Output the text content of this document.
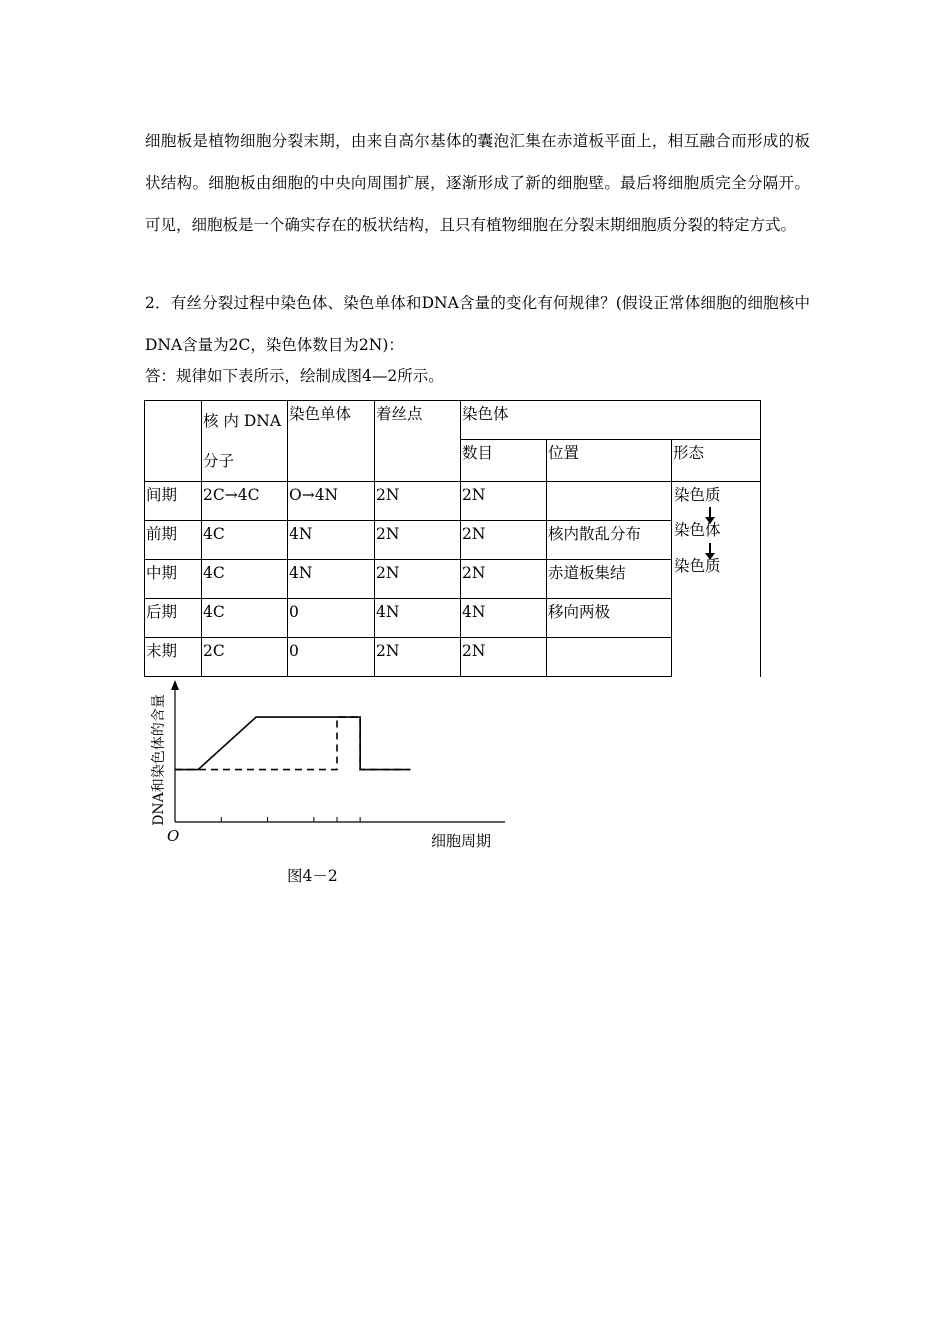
细胞板是植物细胞分裂末期，由来自高尔基体的囊泡汇集在赤道板平面上，相互融合而形成的板状结构。细胞板由细胞的中央向周围扩展，逐渐形成了新的细胞壁。最后将细胞质完全分隔开。可见，细胞板是一个确实存在的板状结构，且只有植物细胞在分裂末期细胞质分裂的特定方式。
2．有丝分裂过程中染色体、染色单体和DNA含量的变化有何规律？(假设正常体细胞的细胞核中DNA含量为2C，染色体数目为2N)：
答：规律如下表所示，绘制成图4—2所示。
	核 内 DNA 分子	染色单体	着丝点	染色体		
				数目	位置	形态
间期	2C→4C	O→4N	2N	2N		染色质
染色体
染色质

前期	4C	4N	2N	2N	核内散乱分布	
中期	4C	4N	2N	2N	赤道板集结	
后期	4C	0	4N	4N	移向两极	
末期	2C	0	2N	2N		
DNA和染色体的含量
细胞周期
O
图4－2
